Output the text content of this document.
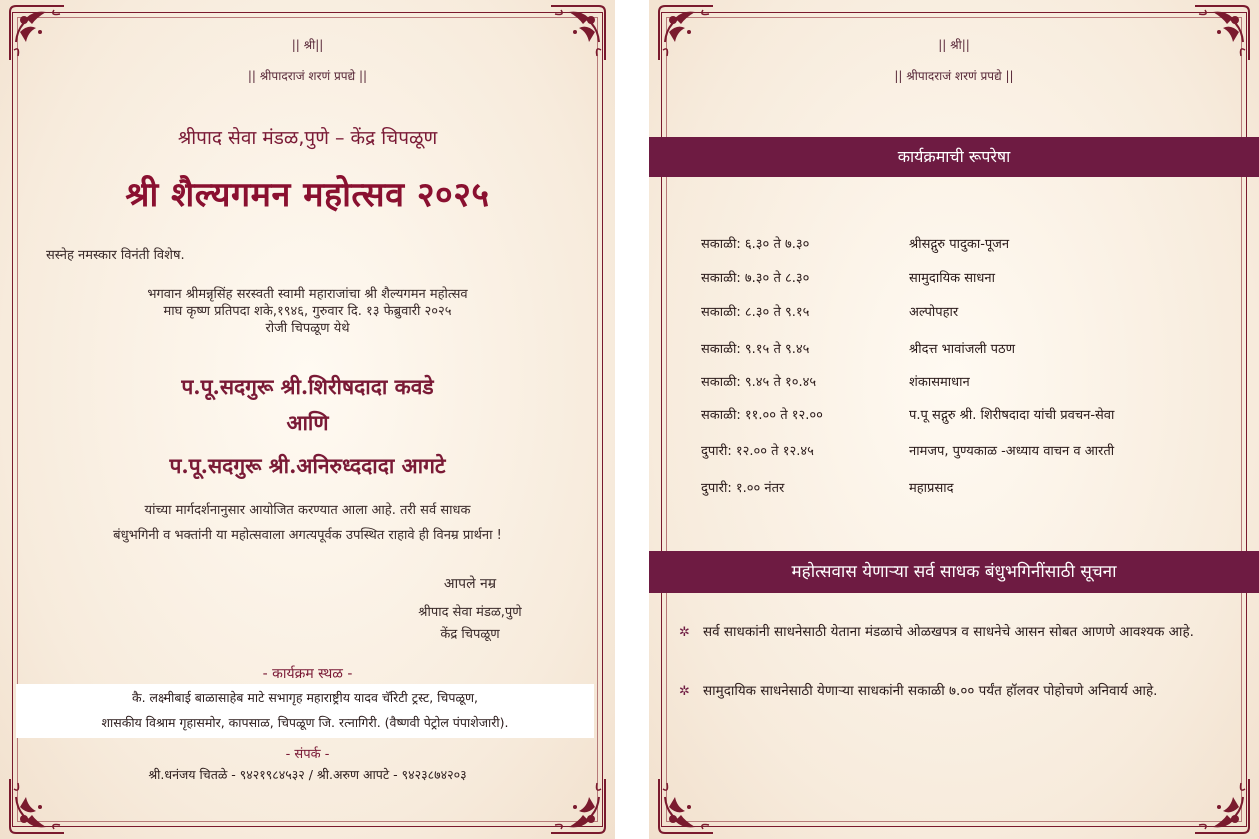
|| श्री||
|| श्रीपादराजं शरणं प्रपद्ये ||
श्रीपाद सेवा मंडळ,पुणे – केंद्र चिपळूण
श्री शैल्यगमन महोत्सव २०२५
सस्नेह नमस्कार विनंती विशेष.
भगवान श्रीमन्नृसिंह सरस्वती स्वामी महाराजांचा श्री शैल्यगमन महोत्सव
माघ कृष्ण प्रतिपदा शके,१९४६, गुरुवार दि. १३ फेब्रुवारी २०२५
रोजी चिपळूण येथे
प.पू.सदगुरू श्री.शिरीषदादा कवडे
आणि
प.पू.सदगुरू श्री.अनिरुध्ददादा आगटे
यांच्या मार्गदर्शनानुसार आयोजित करण्यात आला आहे. तरी सर्व साधक
बंधुभगिनी व भक्तांनी या महोत्सवाला अगत्यपूर्वक उपस्थित राहावे ही विनम्र प्रार्थना !
आपले नम्र
श्रीपाद सेवा मंडळ,पुणे
केंद्र चिपळूण
- कार्यक्रम स्थळ -
कै. लक्ष्मीबाई बाळासाहेब माटे सभागृह महाराष्ट्रीय यादव चॅरिटी ट्रस्ट, चिपळूण,
शासकीय विश्राम गृहासमोर, कापसाळ, चिपळूण जि. रत्नागिरी. (वैष्णवी पेट्रोल पंपाशेजारी).
- संपर्क -
श्री.धनंजय चितळे - ९४२१९८४५३२ / श्री.अरुण आपटे - ९४२३८७४२०३
|| श्री||
|| श्रीपादराजं शरणं प्रपद्ये ||
कार्यक्रमाची रूपरेषा
सकाळी: ६.३० ते ७.३०	श्रीसद्गुरु पादुका-पूजन
सकाळी: ७.३० ते ८.३०	सामुदायिक साधना
सकाळी: ८.३० ते ९.१५	अल्पोपहार
सकाळी: ९.१५ ते ९.४५	श्रीदत्त भावांजली पठण
सकाळी: ९.४५ ते १०.४५	शंकासमाधान
सकाळी: ११.०० ते १२.००	प.पू सद्गुरु श्री. शिरीषदादा यांची प्रवचन-सेवा
दुपारी: १२.०० ते १२.४५	नामजप, पुण्यकाळ -अध्याय वाचन व आरती
दुपारी: १.०० नंतर	महाप्रसाद
महोत्सवास येणाऱ्या सर्व साधक बंधुभगिनींसाठी सूचना
✲ सर्व साधकांनी साधनेसाठी येताना मंडळाचे ओळखपत्र व साधनेचे आसन सोबत आणणे आवश्यक आहे.
✲ सामुदायिक साधनेसाठी येणाऱ्या साधकांनी सकाळी ७.०० पर्यंत हॉलवर पोहोचणे अनिवार्य आहे.
